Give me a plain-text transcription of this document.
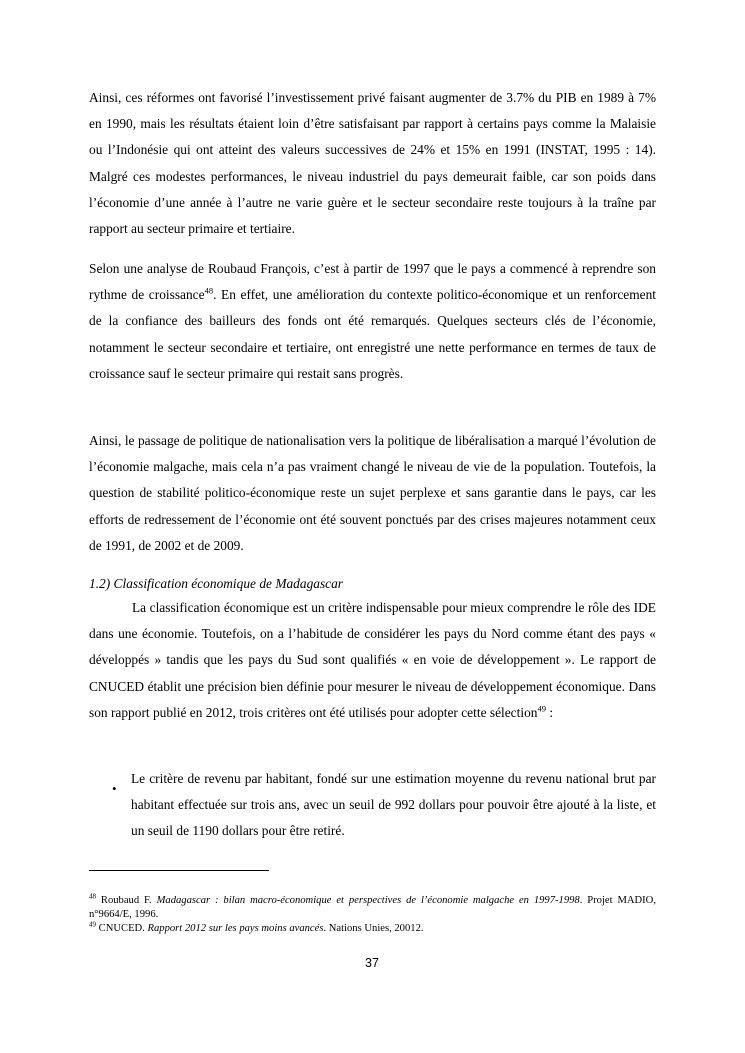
Ainsi, ces réformes ont favorisé l’investissement privé faisant augmenter de 3.7% du PIB en 1989 à 7% en 1990, mais les résultats étaient loin d’être satisfaisant par rapport à certains pays comme la Malaisie ou l’Indonésie qui ont atteint des valeurs successives de 24% et 15% en 1991 (INSTAT, 1995 : 14). Malgré ces modestes performances, le niveau industriel du pays demeurait faible, car son poids dans l’économie d’une année à l’autre ne varie guère et le secteur secondaire reste toujours à la traîne par rapport au secteur primaire et tertiaire.

Selon une analyse de Roubaud François, c’est à partir de 1997 que le pays a commencé à reprendre son rythme de croissance$^{48}$. En effet, une amélioration du contexte politico-économique et un renforcement de la confiance des bailleurs des fonds ont été remarqués. Quelques secteurs clés de l’économie, notamment le secteur secondaire et tertiaire, ont enregistré une nette performance en termes de taux de croissance sauf le secteur primaire qui restait sans progrès.

Ainsi, le passage de politique de nationalisation vers la politique de libéralisation a marqué l’évolution de l’économie malgache, mais cela n’a pas vraiment changé le niveau de vie de la population. Toutefois, la question de stabilité politico-économique reste un sujet perplexe et sans garantie dans le pays, car les efforts de redressement de l’économie ont été souvent ponctués par des crises majeures notamment ceux de 1991, de 2002 et de 2009.

1.2) Classification économique de Madagascar

La classification économique est un critère indispensable pour mieux comprendre le rôle des IDE dans une économie. Toutefois, on a l’habitude de considérer les pays du Nord comme étant des pays « développés » tandis que les pays du Sud sont qualifiés « en voie de développement ». Le rapport de CNUCED établit une précision bien définie pour mesurer le niveau de développement économique. Dans son rapport publié en 2012, trois critères ont été utilisés pour adopter cette sélection$^{49}$ :

•

Le critère de revenu par habitant, fondé sur une estimation moyenne du revenu national brut par habitant effectuée sur trois ans, avec un seuil de 992 dollars pour pouvoir être ajouté à la liste, et un seuil de 1190 dollars pour être retiré.

$^{48}$ Roubaud F. Madagascar : bilan macro-économique et perspectives de l’économie malgache en 1997-1998. Projet MADIO, n°9664/E, 1996.

$^{49}$ CNUCED. Rapport 2012 sur les pays moins avancés. Nations Unies, 20012.

37
